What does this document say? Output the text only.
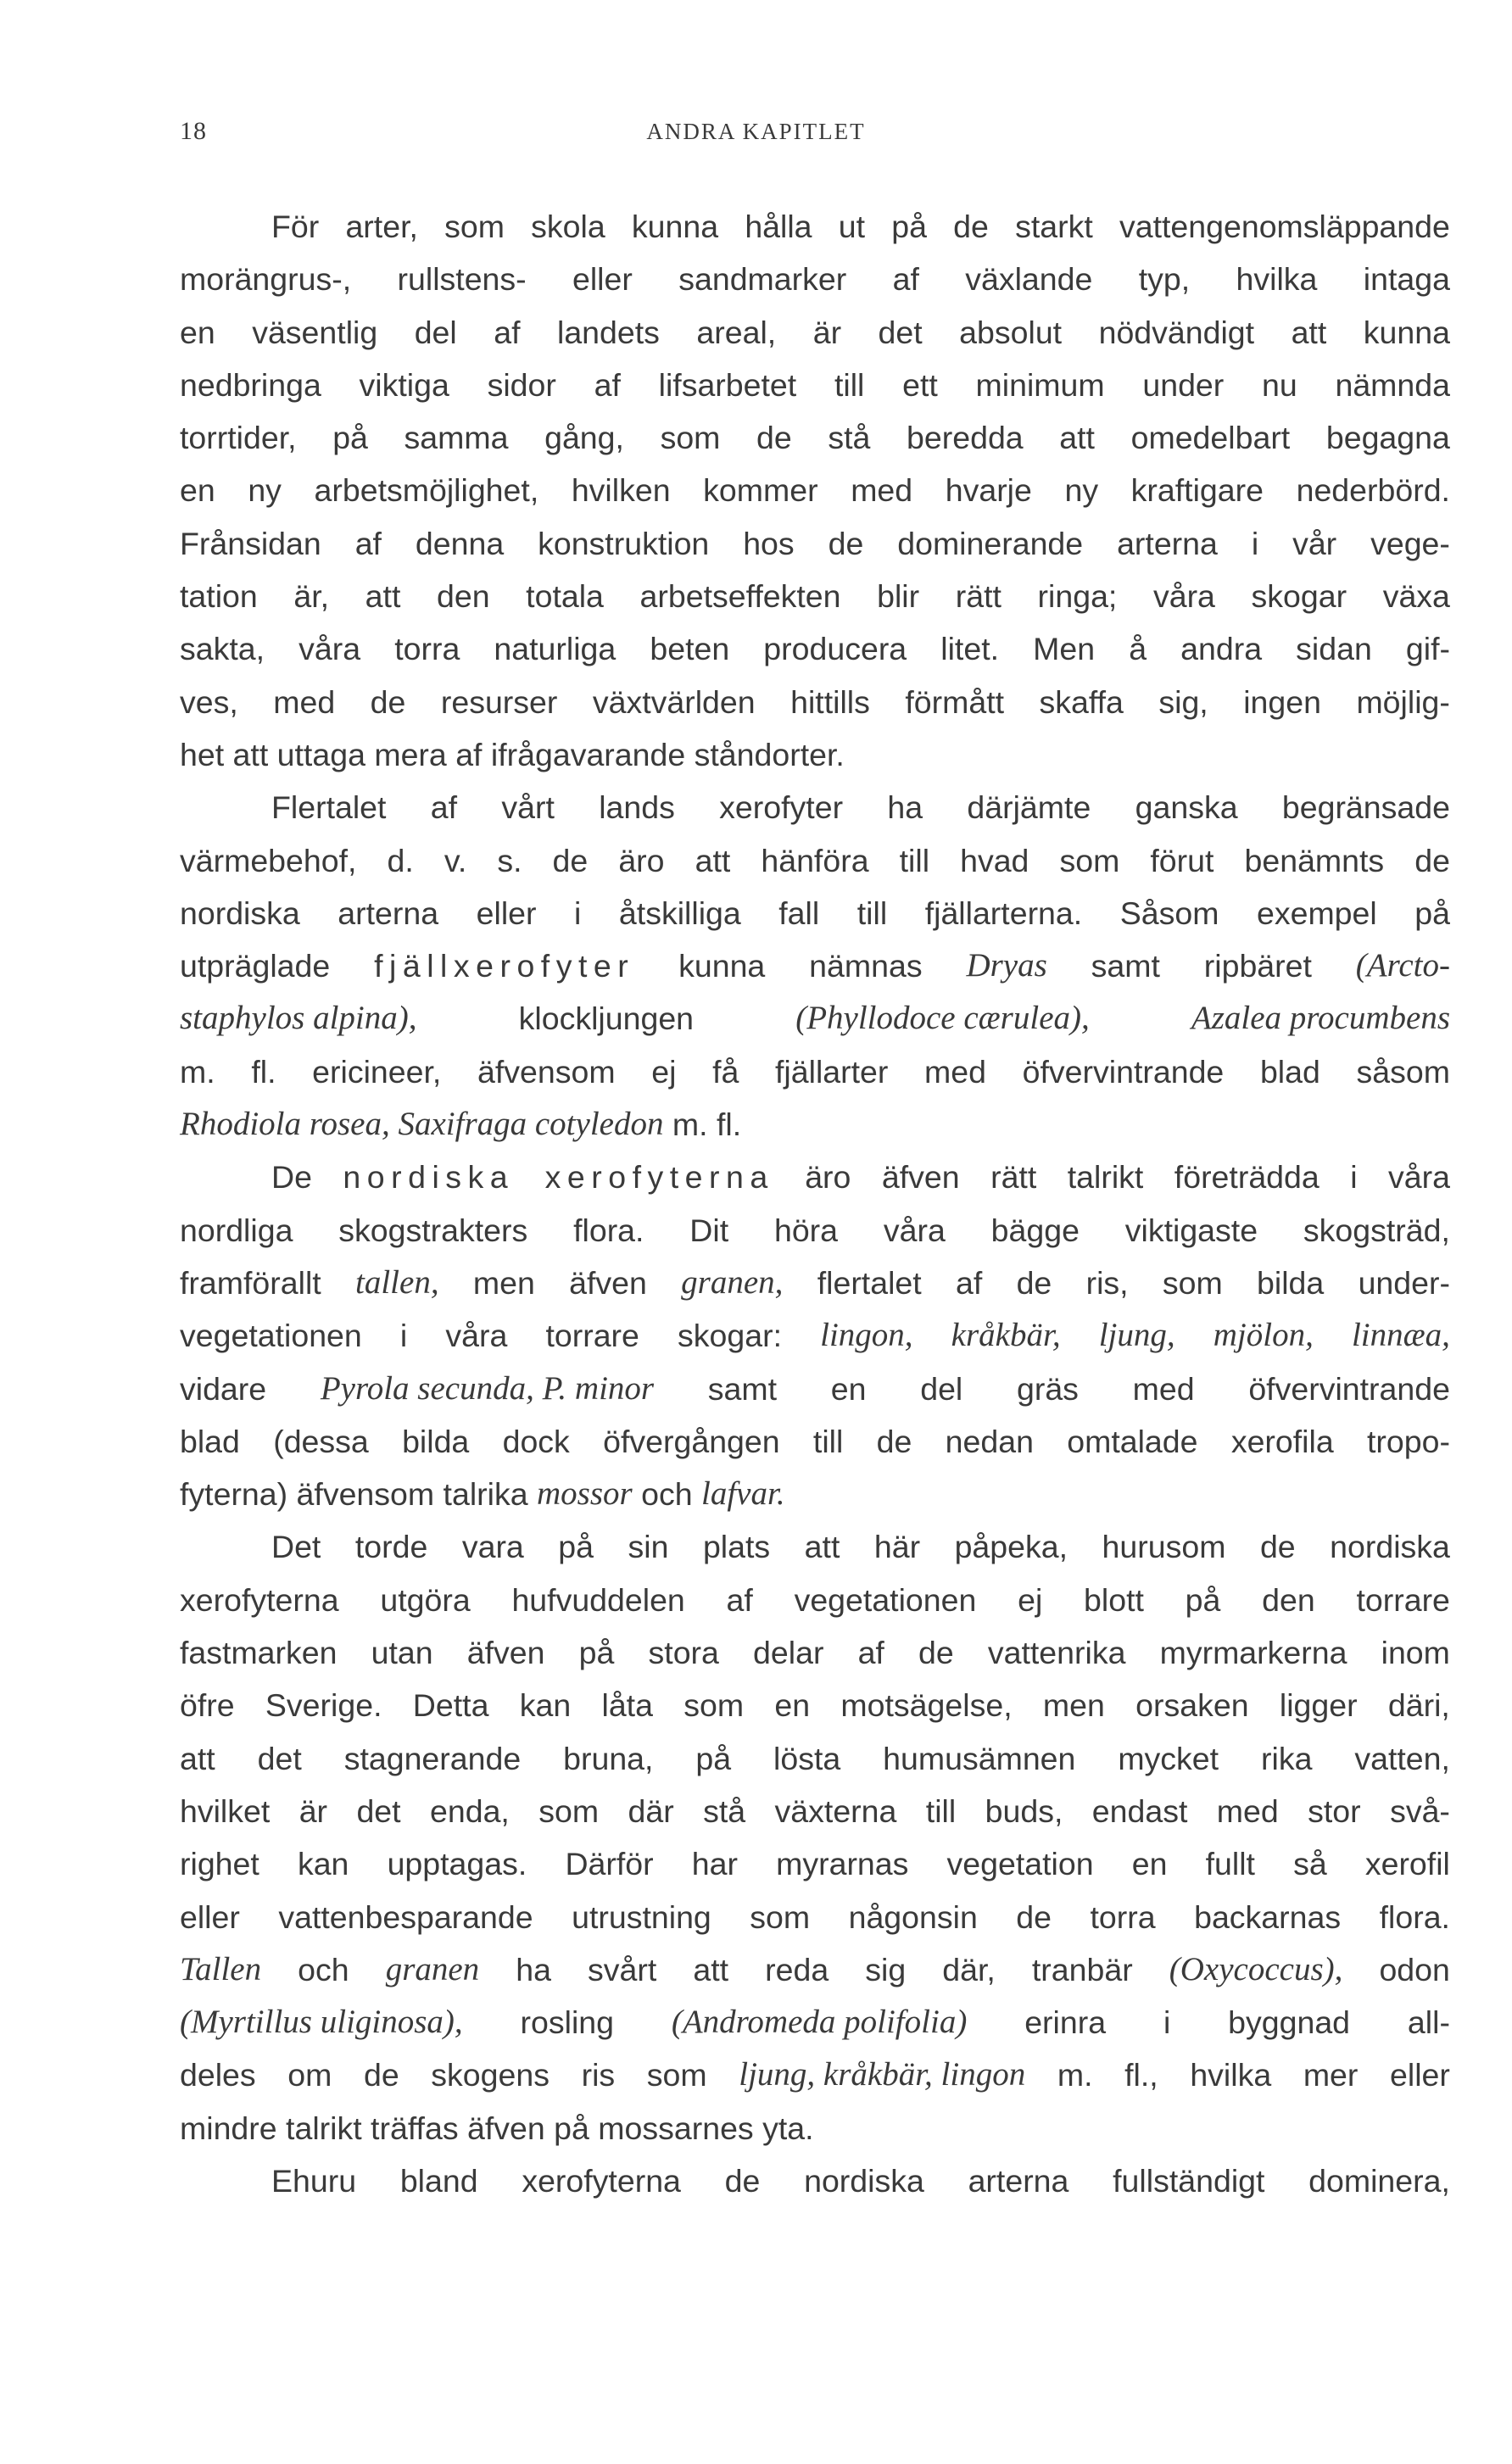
18	ANDRA KAPITLET
För arter, som skola kunna hålla ut på de starkt vattengenomsläppande
morängrus-, rullstens- eller sandmarker af växlande typ, hvilka intaga
en väsentlig del af landets areal, är det absolut nödvändigt att kunna
nedbringa viktiga sidor af lifsarbetet till ett minimum under nu nämnda
torrtider, på samma gång, som de stå beredda att omedelbart begagna
en ny arbetsmöjlighet, hvilken kommer med hvarje ny kraftigare nederbörd.
Frånsidan af denna konstruktion hos de dominerande arterna i vår vege-
tation är, att den totala arbetseffekten blir rätt ringa; våra skogar växa
sakta, våra torra naturliga beten producera litet. Men å andra sidan gif-
ves, med de resurser växtvärlden hittills förmått skaffa sig, ingen möjlig-
het att uttaga mera af ifrågavarande ståndorter.
Flertalet af vårt lands xerofyter ha därjämte ganska begränsade
värmebehof, d. v. s. de äro att hänföra till hvad som förut benämnts de
nordiska arterna eller i åtskilliga fall till fjällarterna. Såsom exempel på
utpräglade fjällxerofyter kunna nämnas Dryas samt ripbäret (Arcto-
staphylos alpina),	klockljungen	(Phyllodoce cærulea),	Azalea procumbens
m. fl. ericineer, äfvensom ej få fjällarter med öfvervintrande blad såsom
Rhodiola rosea, Saxifraga cotyledon m. fl.
De nordiska xerofyterna äro äfven rätt talrikt företrädda i våra
nordliga skogstrakters flora. Dit höra våra bägge viktigaste skogsträd,
framförallt tallen, men äfven granen, flertalet af de ris, som bilda under-
vegetationen i våra torrare skogar: lingon, kråkbär, ljung, mjölon, linnæa,
vidare Pyrola secunda, P. minor samt en del gräs med öfvervintrande
blad (dessa bilda dock öfvergången till de nedan omtalade xerofila tropo-
fyterna) äfvensom talrika mossor och lafvar.
Det torde vara på sin plats att här påpeka, hurusom de nordiska
xerofyterna utgöra hufvuddelen af vegetationen ej blott på den torrare
fastmarken utan äfven på stora delar af de vattenrika myrmarkerna inom
öfre Sverige. Detta kan låta som en motsägelse, men orsaken ligger däri,
att det stagnerande bruna, på lösta humusämnen mycket rika vatten,
hvilket är det enda, som där stå växterna till buds, endast med stor svå-
righet kan upptagas. Därför har myrarnas vegetation en fullt så xerofil
eller vattenbesparande utrustning som någonsin de torra backarnas flora.
Tallen och granen ha svårt att reda sig där, tranbär (Oxycoccus), odon
(Myrtillus uliginosa), rosling (Andromeda polifolia) erinra i byggnad all-
deles om de skogens ris som ljung, kråkbär, lingon m. fl., hvilka mer eller
mindre talrikt träffas äfven på mossarnes yta.
Ehuru bland xerofyterna de nordiska arterna fullständigt dominera,
